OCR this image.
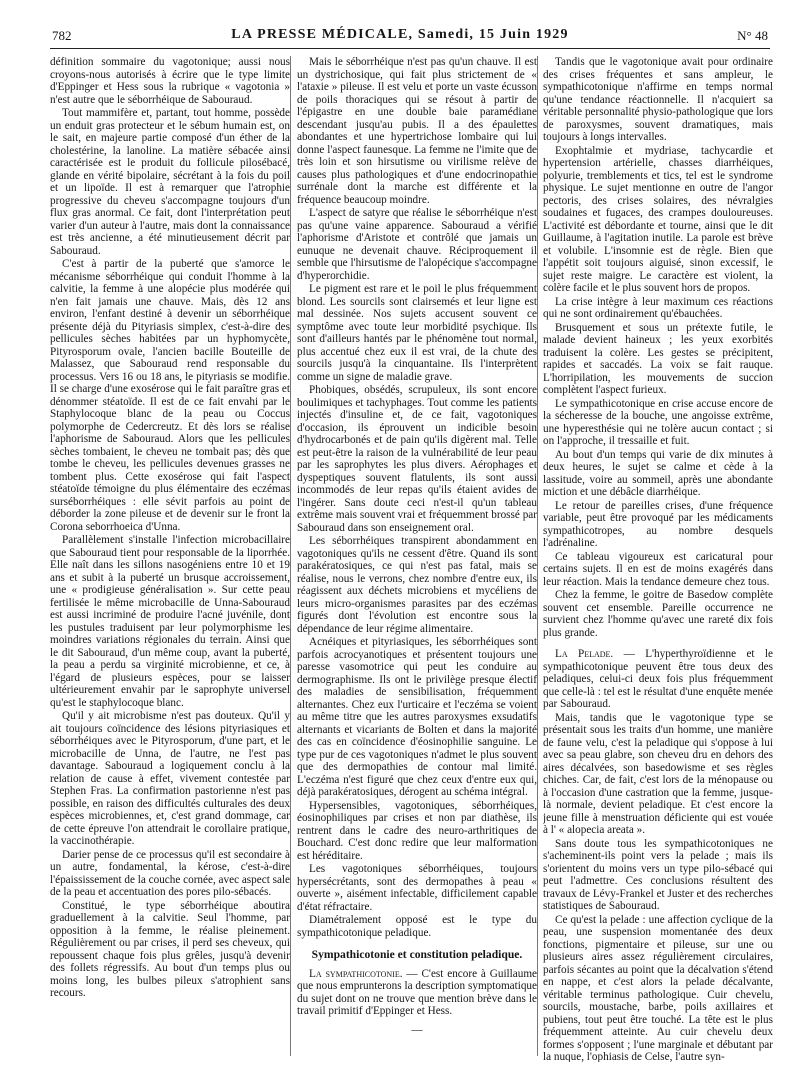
782	LA PRESSE MÉDICALE, Samedi, 15 Juin 1929	N° 48

définition sommaire du vagotonique; aussi nous croyons-nous autorisés à écrire que le type limite d'Eppinger et Hess sous la rubrique « vagotonia » n'est autre que le séborrhéique de Sabouraud.

Tout mammifère et, partant, tout homme, possède un enduit gras protecteur et le sébum humain est, on le sait, en majeure partie composé d'un éther de la cholestérine, la lanoline. La matière sébacée ainsi caractérisée est le produit du follicule pilosébacé, glande en vérité bipolaire, sécrétant à la fois du poil et un lipoïde. Il est à remarquer que l'atrophie progressive du cheveu s'accompagne toujours d'un flux gras anormal. Ce fait, dont l'interprétation peut varier d'un auteur à l'autre, mais dont la connaissance est très ancienne, a été minutieusement décrit par Sabouraud.

C'est à partir de la puberté que s'amorce le mécanisme séborrhéique qui conduit l'homme à la calvitie, la femme à une alopécie plus modérée qui n'en fait jamais une chauve. Mais, dès 12 ans environ, l'enfant destiné à devenir un séborrhéique présente déjà du Pityriasis simplex, c'est-à-dire des pellicules sèches habitées par un hyphomycète, Pityrosporum ovale, l'ancien bacille Bouteille de Malassez, que Sabouraud rend responsable du processus. Vers 16 ou 18 ans, le pityriasis se modifie. Il se charge d'une exosérose qui le fait paraître gras et dénommer stéatoïde. Il est de ce fait envahi par le Staphylocoque blanc de la peau ou Coccus polymorphe de Cedercreutz. Et dès lors se réalise l'aphorisme de Sabouraud. Alors que les pellicules sèches tombaient, le cheveu ne tombait pas; dès que tombe le cheveu, les pellicules devenues grasses ne tombent plus. Cette exosérose qui fait l'aspect stéatoïde témoigne du plus élémentaire des eczémas surséborrhéiques : elle sévit parfois au point de déborder la zone pileuse et de devenir sur le front la Corona seborrhoeica d'Unna.

Parallèlement s'installe l'infection microbacillaire que Sabouraud tient pour responsable de la liporrhée. Elle naît dans les sillons nasogéniens entre 10 et 19 ans et subit à la puberté un brusque accroissement, une « prodigieuse généralisation ». Sur cette peau fertilisée le même microbacille de Unna-Sabouraud est aussi incriminé de produire l'acné juvénile, dont les pustules traduisent par leur polymorphisme les moindres variations régionales du terrain. Ainsi que le dit Sabouraud, d'un même coup, avant la puberté, la peau a perdu sa virginité microbienne, et ce, à l'égard de plusieurs espèces, pour se laisser ultérieurement envahir par le saprophyte universel qu'est le staphylocoque blanc.

Qu'il y ait microbisme n'est pas douteux. Qu'il y ait toujours coïncidence des lésions pityriasiques et séborrhéiques avec le Pityrosporum, d'une part, et le microbacille de Unna, de l'autre, ne l'est pas davantage. Sabouraud a logiquement conclu à la relation de cause à effet, vivement contestée par Stephen Fras. La confirmation pastorienne n'est pas possible, en raison des difficultés culturales des deux espèces microbiennes, et, c'est grand dommage, car de cette épreuve l'on attendrait le corollaire pratique, la vaccinothérapie.

Darier pense de ce processus qu'il est secondaire à un autre, fondamental, la kérose, c'est-à-dire l'épaississement de la couche cornée, avec aspect sale de la peau et accentuation des pores pilo-sébacés.

Constitué, le type séborrhéique aboutira graduellement à la calvitie. Seul l'homme, par opposition à la femme, le réalise pleinement. Régulièrement ou par crises, il perd ses cheveux, qui repoussent chaque fois plus grêles, jusqu'à devenir des follets régressifs. Au bout d'un temps plus ou moins long, les bulbes pileux s'atrophient sans recours.

Mais le séborrhéique n'est pas qu'un chauve. Il est un dystrichosique, qui fait plus strictement de « l'ataxie » pileuse. Il est velu et porte un vaste écusson de poils thoraciques qui se résout à partir de l'épigastre en une double baie paramédiane descendant jusqu'au pubis. Il a des épaulettes abondantes et une hypertrichose lombaire qui lui donne l'aspect faunesque. La femme ne l'imite que de très loin et son hirsutisme ou virilisme relève de causes plus pathologiques et d'une endocrinopathie surrénale dont la marche est différente et la fréquence beaucoup moindre.

L'aspect de satyre que réalise le séborrhéique n'est pas qu'une vaine apparence. Sabouraud a vérifié l'aphorisme d'Aristote et contrôlé que jamais un eunuque ne devenait chauve. Réciproquement il semble que l'hirsutisme de l'alopécique s'accompagne d'hyperorchidie.

Le pigment est rare et le poil le plus fréquemment blond. Les sourcils sont clairsemés et leur ligne est mal dessinée. Nos sujets accusent souvent ce symptôme avec toute leur morbidité psychique. Ils sont d'ailleurs hantés par le phénomène tout normal, plus accentué chez eux il est vrai, de la chute des sourcils jusqu'à la cinquantaine. Ils l'interprètent comme un signe de maladie grave.

Phobiques, obsédés, scrupuleux, ils sont encore boulimiques et tachyphages. Tout comme les patients injectés d'insuline et, de ce fait, vagotoniques d'occasion, ils éprouvent un indicible besoin d'hydrocarbonés et de pain qu'ils digèrent mal. Telle est peut-être la raison de la vulnérabilité de leur peau par les saprophytes les plus divers. Aérophages et dyspeptiques souvent flatulents, ils sont aussi incommodés de leur repas qu'ils étaient avides de l'ingérer. Sans doute ceci n'est-il qu'un tableau extrême mais souvent vrai et fréquemment brossé par Sabouraud dans son enseignement oral.

Les séborrhéiques transpirent abondamment en vagotoniques qu'ils ne cessent d'être. Quand ils sont parakératosiques, ce qui n'est pas fatal, mais se réalise, nous le verrons, chez nombre d'entre eux, ils réagissent aux déchets microbiens et mycéliens de leurs micro-organismes parasites par des eczémas figurés dont l'évolution est encontre sous la dépendance de leur régime alimentaire.

Acnéiques et pityriasiques, les séborrhéiques sont parfois acrocyanotiques et présentent toujours une paresse vasomotrice qui peut les conduire au dermographisme. Ils ont le privilège presque électif des maladies de sensibilisation, fréquemment alternantes. Chez eux l'urticaire et l'eczéma se voient au même titre que les autres paroxysmes exsudatifs alternants et vicariants de Bolten et dans la majorité des cas en coïncidence d'éosinophilie sanguine. Le type pur de ces vagotoniques n'admet le plus souvent que des dermopathies de contour mal limité. L'eczéma n'est figuré que chez ceux d'entre eux qui, déjà parakératosiques, dérogent au schéma intégral.

Hypersensibles, vagotoniques, séborrhéiques, éosinophiliques par crises et non par diathèse, ils rentrent dans le cadre des neuro-arthritiques de Bouchard. C'est donc redire que leur malformation est héréditaire.

Les vagotoniques séborrhéiques, toujours hypersécrétants, sont des dermopathes à peau « ouverte », aisément infectable, difficilement capable d'état réfractaire.

Diamétralement opposé est le type du sympathicotonique peladique.

Sympathicotonie et constitution peladique.

La sympathicotonie. — C'est encore à Guillaume que nous emprunterons la description symptomatique du sujet dont on ne trouve que mention brève dans le travail primitif d'Eppinger et Hess.

—

Tandis que le vagotonique avait pour ordinaire des crises fréquentes et sans ampleur, le sympathicotonique n'affirme en temps normal qu'une tendance réactionnelle. Il n'acquiert sa véritable personnalité physio-pathologique que lors de paroxysmes, souvent dramatiques, mais toujours à longs intervalles.

Exophtalmie et mydriase, tachycardie et hypertension artérielle, chasses diarrhéiques, polyurie, tremblements et tics, tel est le syndrome physique. Le sujet mentionne en outre de l'angor pectoris, des crises solaires, des névralgies soudaines et fugaces, des crampes douloureuses. L'activité est débordante et tourne, ainsi que le dit Guillaume, à l'agitation inutile. La parole est brève et volubile. L'insomnie est de règle. Bien que l'appétit soit toujours aiguisé, sinon excessif, le sujet reste maigre. Le caractère est violent, la colère facile et le plus souvent hors de propos.

La crise intègre à leur maximum ces réactions qui ne sont ordinairement qu'ébauchées.

Brusquement et sous un prétexte futile, le malade devient haineux ; les yeux exorbités traduisent la colère. Les gestes se précipitent, rapides et saccadés. La voix se fait rauque. L'horripilation, les mouvements de succion complètent l'aspect furieux.

Le sympathicotonique en crise accuse encore de la sécheresse de la bouche, une angoisse extrême, une hyperesthésie qui ne tolère aucun contact ; si on l'approche, il tressaille et fuit.

Au bout d'un temps qui varie de dix minutes à deux heures, le sujet se calme et cède à la lassitude, voire au sommeil, après une abondante miction et une débâcle diarrhéique.

Le retour de pareilles crises, d'une fréquence variable, peut être provoqué par les médicaments sympathicotropes, au nombre desquels l'adrénaline.

Ce tableau vigoureux est caricatural pour certains sujets. Il en est de moins exagérés dans leur réaction. Mais la tendance demeure chez tous.

Chez la femme, le goitre de Basedow complète souvent cet ensemble. Pareille occurrence ne survient chez l'homme qu'avec une rareté dix fois plus grande.

La Pelade. — L'hyperthyroïdienne et le sympathicotonique peuvent être tous deux des peladiques, celui-ci deux fois plus fréquemment que celle-là : tel est le résultat d'une enquête menée par Sabouraud.

Mais, tandis que le vagotonique type se présentait sous les traits d'un homme, une manière de faune velu, c'est la peladique qui s'oppose à lui avec sa peau glabre, son cheveu dru en dehors des aires décalvées, son basedowisme et ses règles chiches. Car, de fait, c'est lors de la ménopause ou à l'occasion d'une castration que la femme, jusque-là normale, devient peladique. Et c'est encore la jeune fille à menstruation déficiente qui est vouée à l' « alopecia areata ».

Sans doute tous les sympathicotoniques ne s'acheminent-ils point vers la pelade ; mais ils s'orientent du moins vers un type pilo-sébacé qui peut l'admettre. Ces conclusions résultent des travaux de Lévy-Frankel et Juster et des recherches statistiques de Sabouraud.

Ce qu'est la pelade : une affection cyclique de la peau, une suspension momentanée des deux fonctions, pigmentaire et pileuse, sur une ou plusieurs aires assez régulièrement circulaires, parfois sécantes au point que la décalvation s'étend en nappe, et c'est alors la pelade décalvante, véritable terminus pathologique. Cuir chevelu, sourcils, moustache, barbe, poils axillaires et pubiens, tout peut être touché. La tête est le plus fréquemment atteinte. Au cuir chevelu deux formes s'opposent ; l'une marginale et débutant par la nuque, l'ophiasis de Celse, l'autre syn-
